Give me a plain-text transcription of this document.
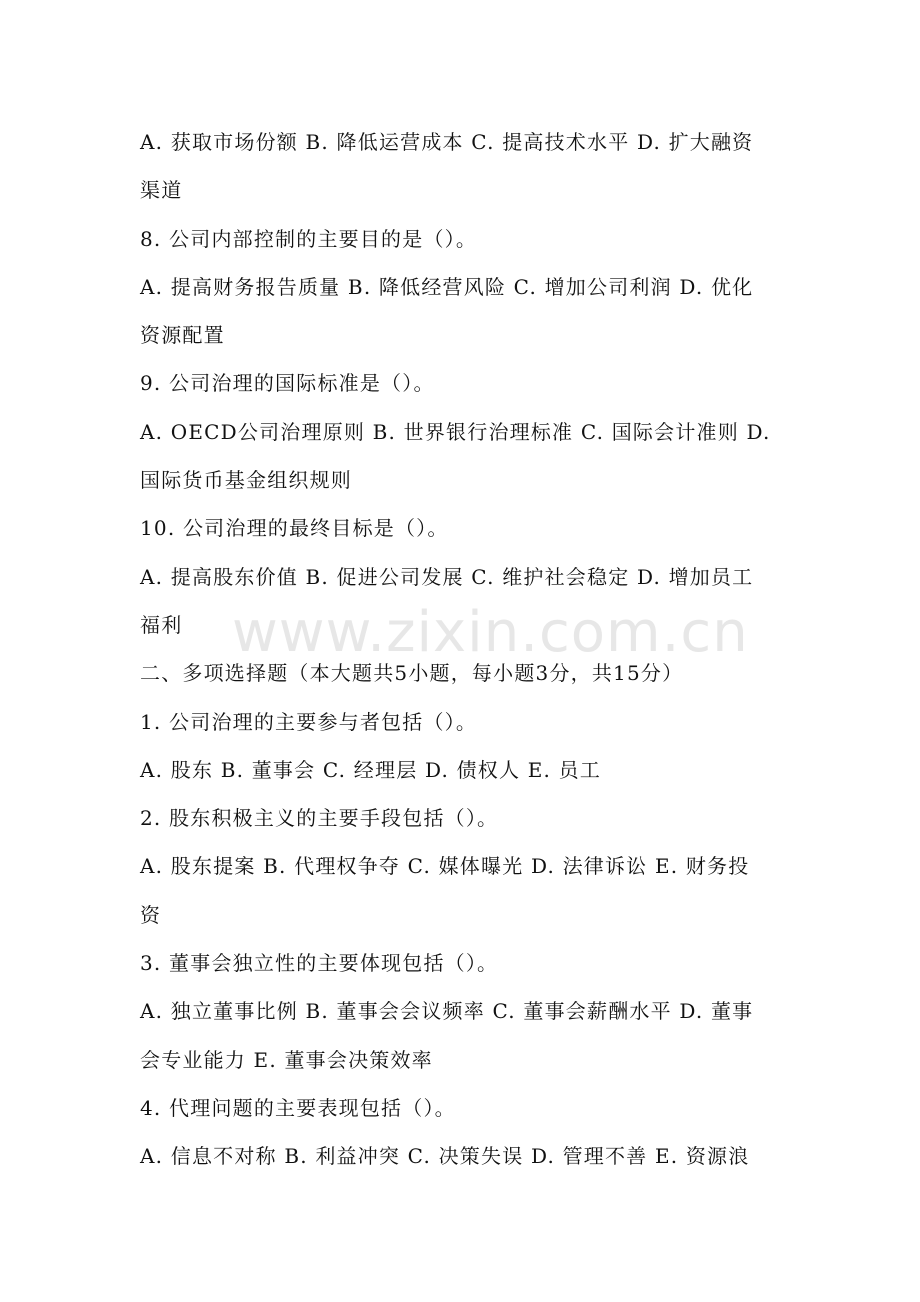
A. 获取市场份额 B. 降低运营成本 C. 提高技术水平 D. 扩大融资
渠道
8. 公司内部控制的主要目的是（）。
A. 提高财务报告质量 B. 降低经营风险 C. 增加公司利润 D. 优化
资源配置
9. 公司治理的国际标准是（）。
A. OECD公司治理原则 B. 世界银行治理标准 C. 国际会计准则 D.
国际货币基金组织规则
10. 公司治理的最终目标是（）。
A. 提高股东价值 B. 促进公司发展 C. 维护社会稳定 D. 增加员工
福利
二、多项选择题（本大题共5小题，每小题3分，共15分）
1. 公司治理的主要参与者包括（）。
A. 股东 B. 董事会 C. 经理层 D. 债权人 E. 员工
2. 股东积极主义的主要手段包括（）。
A. 股东提案 B. 代理权争夺 C. 媒体曝光 D. 法律诉讼 E. 财务投
资
3. 董事会独立性的主要体现包括（）。
A. 独立董事比例 B. 董事会会议频率 C. 董事会薪酬水平 D. 董事
会专业能力 E. 董事会决策效率
4. 代理问题的主要表现包括（）。
A. 信息不对称 B. 利益冲突 C. 决策失误 D. 管理不善 E. 资源浪
www.zixin.com.cn
